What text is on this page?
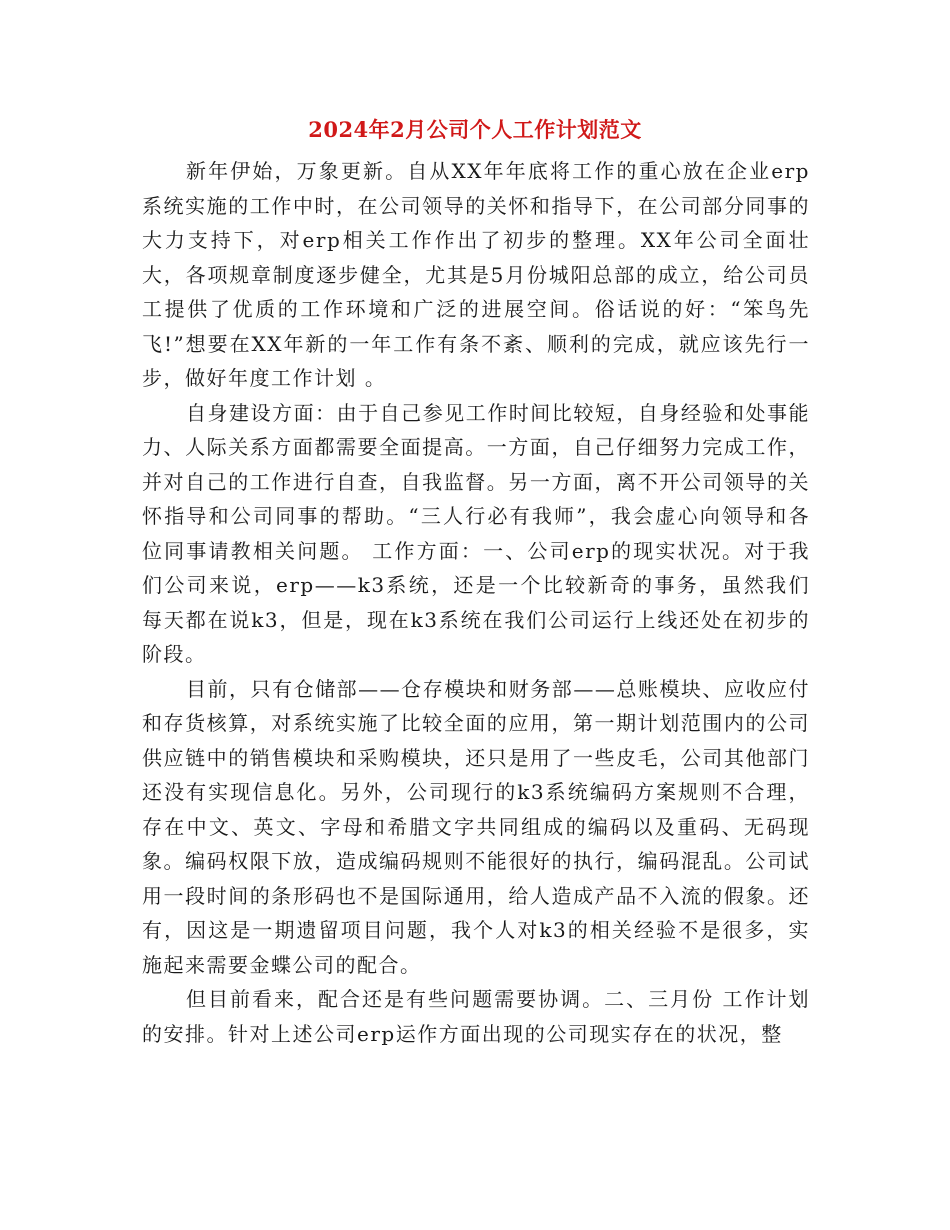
2024年2月公司个人工作计划范文

新年伊始，万象更新。自从XX年年底将工作的重心放在企业erp系统实施的工作中时，在公司领导的关怀和指导下，在公司部分同事的大力支持下，对erp相关工作作出了初步的整理。XX年公司全面壮大，各项规章制度逐步健全，尤其是5月份城阳总部的成立，给公司员工提供了优质的工作环境和广泛的进展空间。俗话说的好：“笨鸟先飞!”想要在XX年新的一年工作有条不紊、顺利的完成，就应该先行一步，做好年度工作计划 。

自身建设方面：由于自己参见工作时间比较短，自身经验和处事能力、人际关系方面都需要全面提高。一方面，自己仔细努力完成工作，并对自己的工作进行自查，自我监督。另一方面，离不开公司领导的关怀指导和公司同事的帮助。“三人行必有我师”，我会虚心向领导和各位同事请教相关问题。 工作方面：一、公司erp的现实状况。对于我们公司来说，erp——k3系统，还是一个比较新奇的事务，虽然我们每天都在说k3，但是，现在k3系统在我们公司运行上线还处在初步的阶段。

目前，只有仓储部——仓存模块和财务部——总账模块、应收应付和存货核算，对系统实施了比较全面的应用，第一期计划范围内的公司供应链中的销售模块和采购模块，还只是用了一些皮毛，公司其他部门还没有实现信息化。另外，公司现行的k3系统编码方案规则不合理，存在中文、英文、字母和希腊文字共同组成的编码以及重码、无码现象。编码权限下放，造成编码规则不能很好的执行，编码混乱。公司试用一段时间的条形码也不是国际通用，给人造成产品不入流的假象。还有，因这是一期遗留项目问题，我个人对k3的相关经验不是很多，实施起来需要金蝶公司的配合。

但目前看来，配合还是有些问题需要协调。二、三月份 工作计划的安排。针对上述公司erp运作方面出现的公司现实存在的状况，整
